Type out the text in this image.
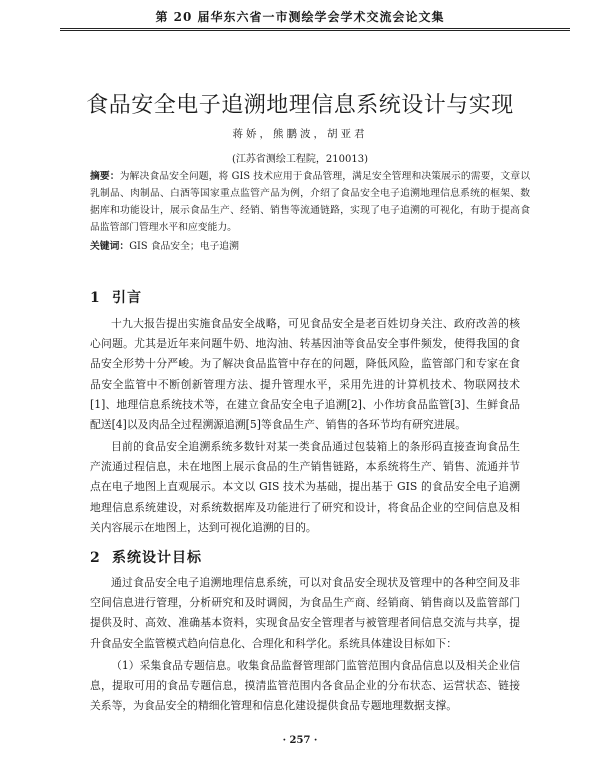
第 20 届华东六省一市测绘学会学术交流会论文集
食品安全电子追溯地理信息系统设计与实现
蒋娇，熊鹏波，胡亚君
(江苏省测绘工程院，210013)
摘要：为解决食品安全问题，将 GIS 技术应用于食品管理，满足安全管理和决策展示的需要，文章以乳制品、肉制品、白酒等国家重点监管产品为例，介绍了食品安全电子追溯地理信息系统的框架、数据库和功能设计，展示食品生产、经销、销售等流通链路，实现了电子追溯的可视化，有助于提高食品监管部门管理水平和应变能力。
关键词：GIS 食品安全；电子追溯
1 引言
十九大报告提出实施食品安全战略，可见食品安全是老百姓切身关注、政府改善的核心问题。尤其是近年来问题牛奶、地沟油、转基因油等食品安全事件频发，使得我国的食品安全形势十分严峻。为了解决食品监管中存在的问题，降低风险，监管部门和专家在食品安全监管中不断创新管理方法、提升管理水平，采用先进的计算机技术、物联网技术[1]、地理信息系统技术等，在建立食品安全电子追溯[2]、小作坊食品监管[3]、生鲜食品配送[4]以及肉品全过程溯源追溯[5]等食品生产、销售的各环节均有研究进展。
目前的食品安全追溯系统多数针对某一类食品通过包装箱上的条形码直接查询食品生产流通过程信息，未在地图上展示食品的生产销售链路，本系统将生产、销售、流通并节点在电子地图上直观展示。本文以 GIS 技术为基础，提出基于 GIS 的食品安全电子追溯地理信息系统建设，对系统数据库及功能进行了研究和设计，将食品企业的空间信息及相关内容展示在地图上，达到可视化追溯的目的。
2 系统设计目标
通过食品安全电子追溯地理信息系统，可以对食品安全现状及管理中的各种空间及非空间信息进行管理，分析研究和及时调阅，为食品生产商、经销商、销售商以及监管部门提供及时、高效、准确基本资料，实现食品安全管理者与被管理者间信息交流与共享，提升食品安全监管模式趋向信息化、合理化和科学化。系统具体建设目标如下：
（1）采集食品专题信息。收集食品监督管理部门监管范围内食品信息以及相关企业信息，提取可用的食品专题信息，摸清监管范围内各食品企业的分布状态、运营状态、链接关系等，为食品安全的精细化管理和信息化建设提供食品专题地理数据支撑。
· 257 ·
